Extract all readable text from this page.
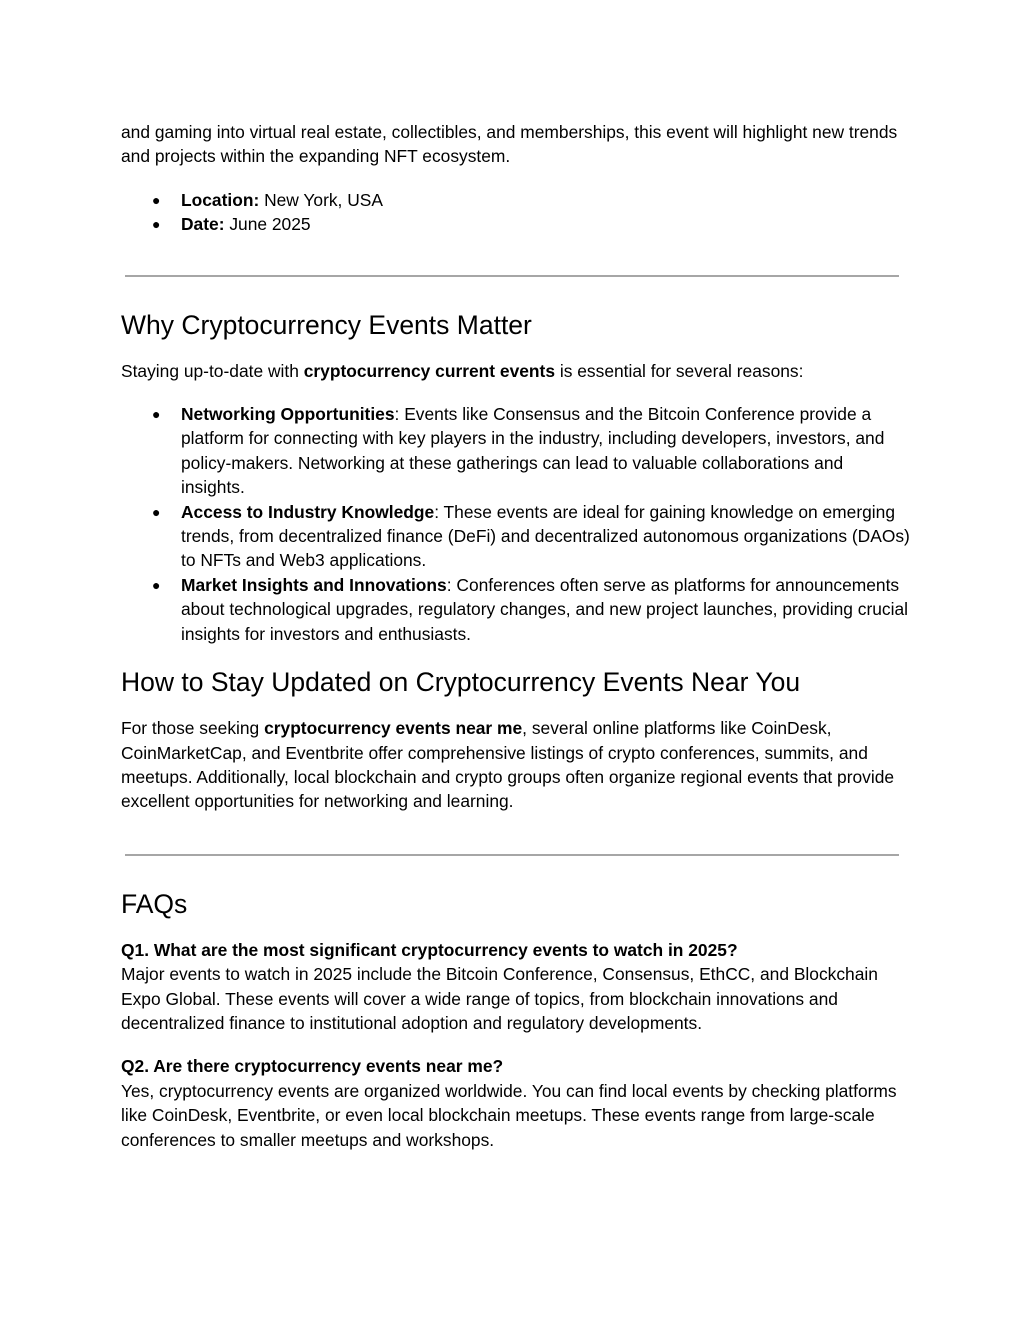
and gaming into virtual real estate, collectibles, and memberships, this event will highlight new trends and projects within the expanding NFT ecosystem.

● Location: New York, USA
● Date: June 2025
Why Cryptocurrency Events Matter

Staying up-to-date with cryptocurrency current events is essential for several reasons:

● Networking Opportunities: Events like Consensus and the Bitcoin Conference provide a platform for connecting with key players in the industry, including developers, investors, and policy-makers. Networking at these gatherings can lead to valuable collaborations and insights.
● Access to Industry Knowledge: These events are ideal for gaining knowledge on emerging trends, from decentralized finance (DeFi) and decentralized autonomous organizations (DAOs) to NFTs and Web3 applications.
● Market Insights and Innovations: Conferences often serve as platforms for announcements about technological upgrades, regulatory changes, and new project launches, providing crucial insights for investors and enthusiasts.
How to Stay Updated on Cryptocurrency Events Near You

For those seeking cryptocurrency events near me, several online platforms like CoinDesk, CoinMarketCap, and Eventbrite offer comprehensive listings of crypto conferences, summits, and meetups. Additionally, local blockchain and crypto groups often organize regional events that provide excellent opportunities for networking and learning.

FAQs

Q1. What are the most significant cryptocurrency events to watch in 2025?

Major events to watch in 2025 include the Bitcoin Conference, Consensus, EthCC, and Blockchain Expo Global. These events will cover a wide range of topics, from blockchain innovations and decentralized finance to institutional adoption and regulatory developments.

Q2. Are there cryptocurrency events near me?

Yes, cryptocurrency events are organized worldwide. You can find local events by checking platforms like CoinDesk, Eventbrite, or even local blockchain meetups. These events range from large-scale conferences to smaller meetups and workshops.
